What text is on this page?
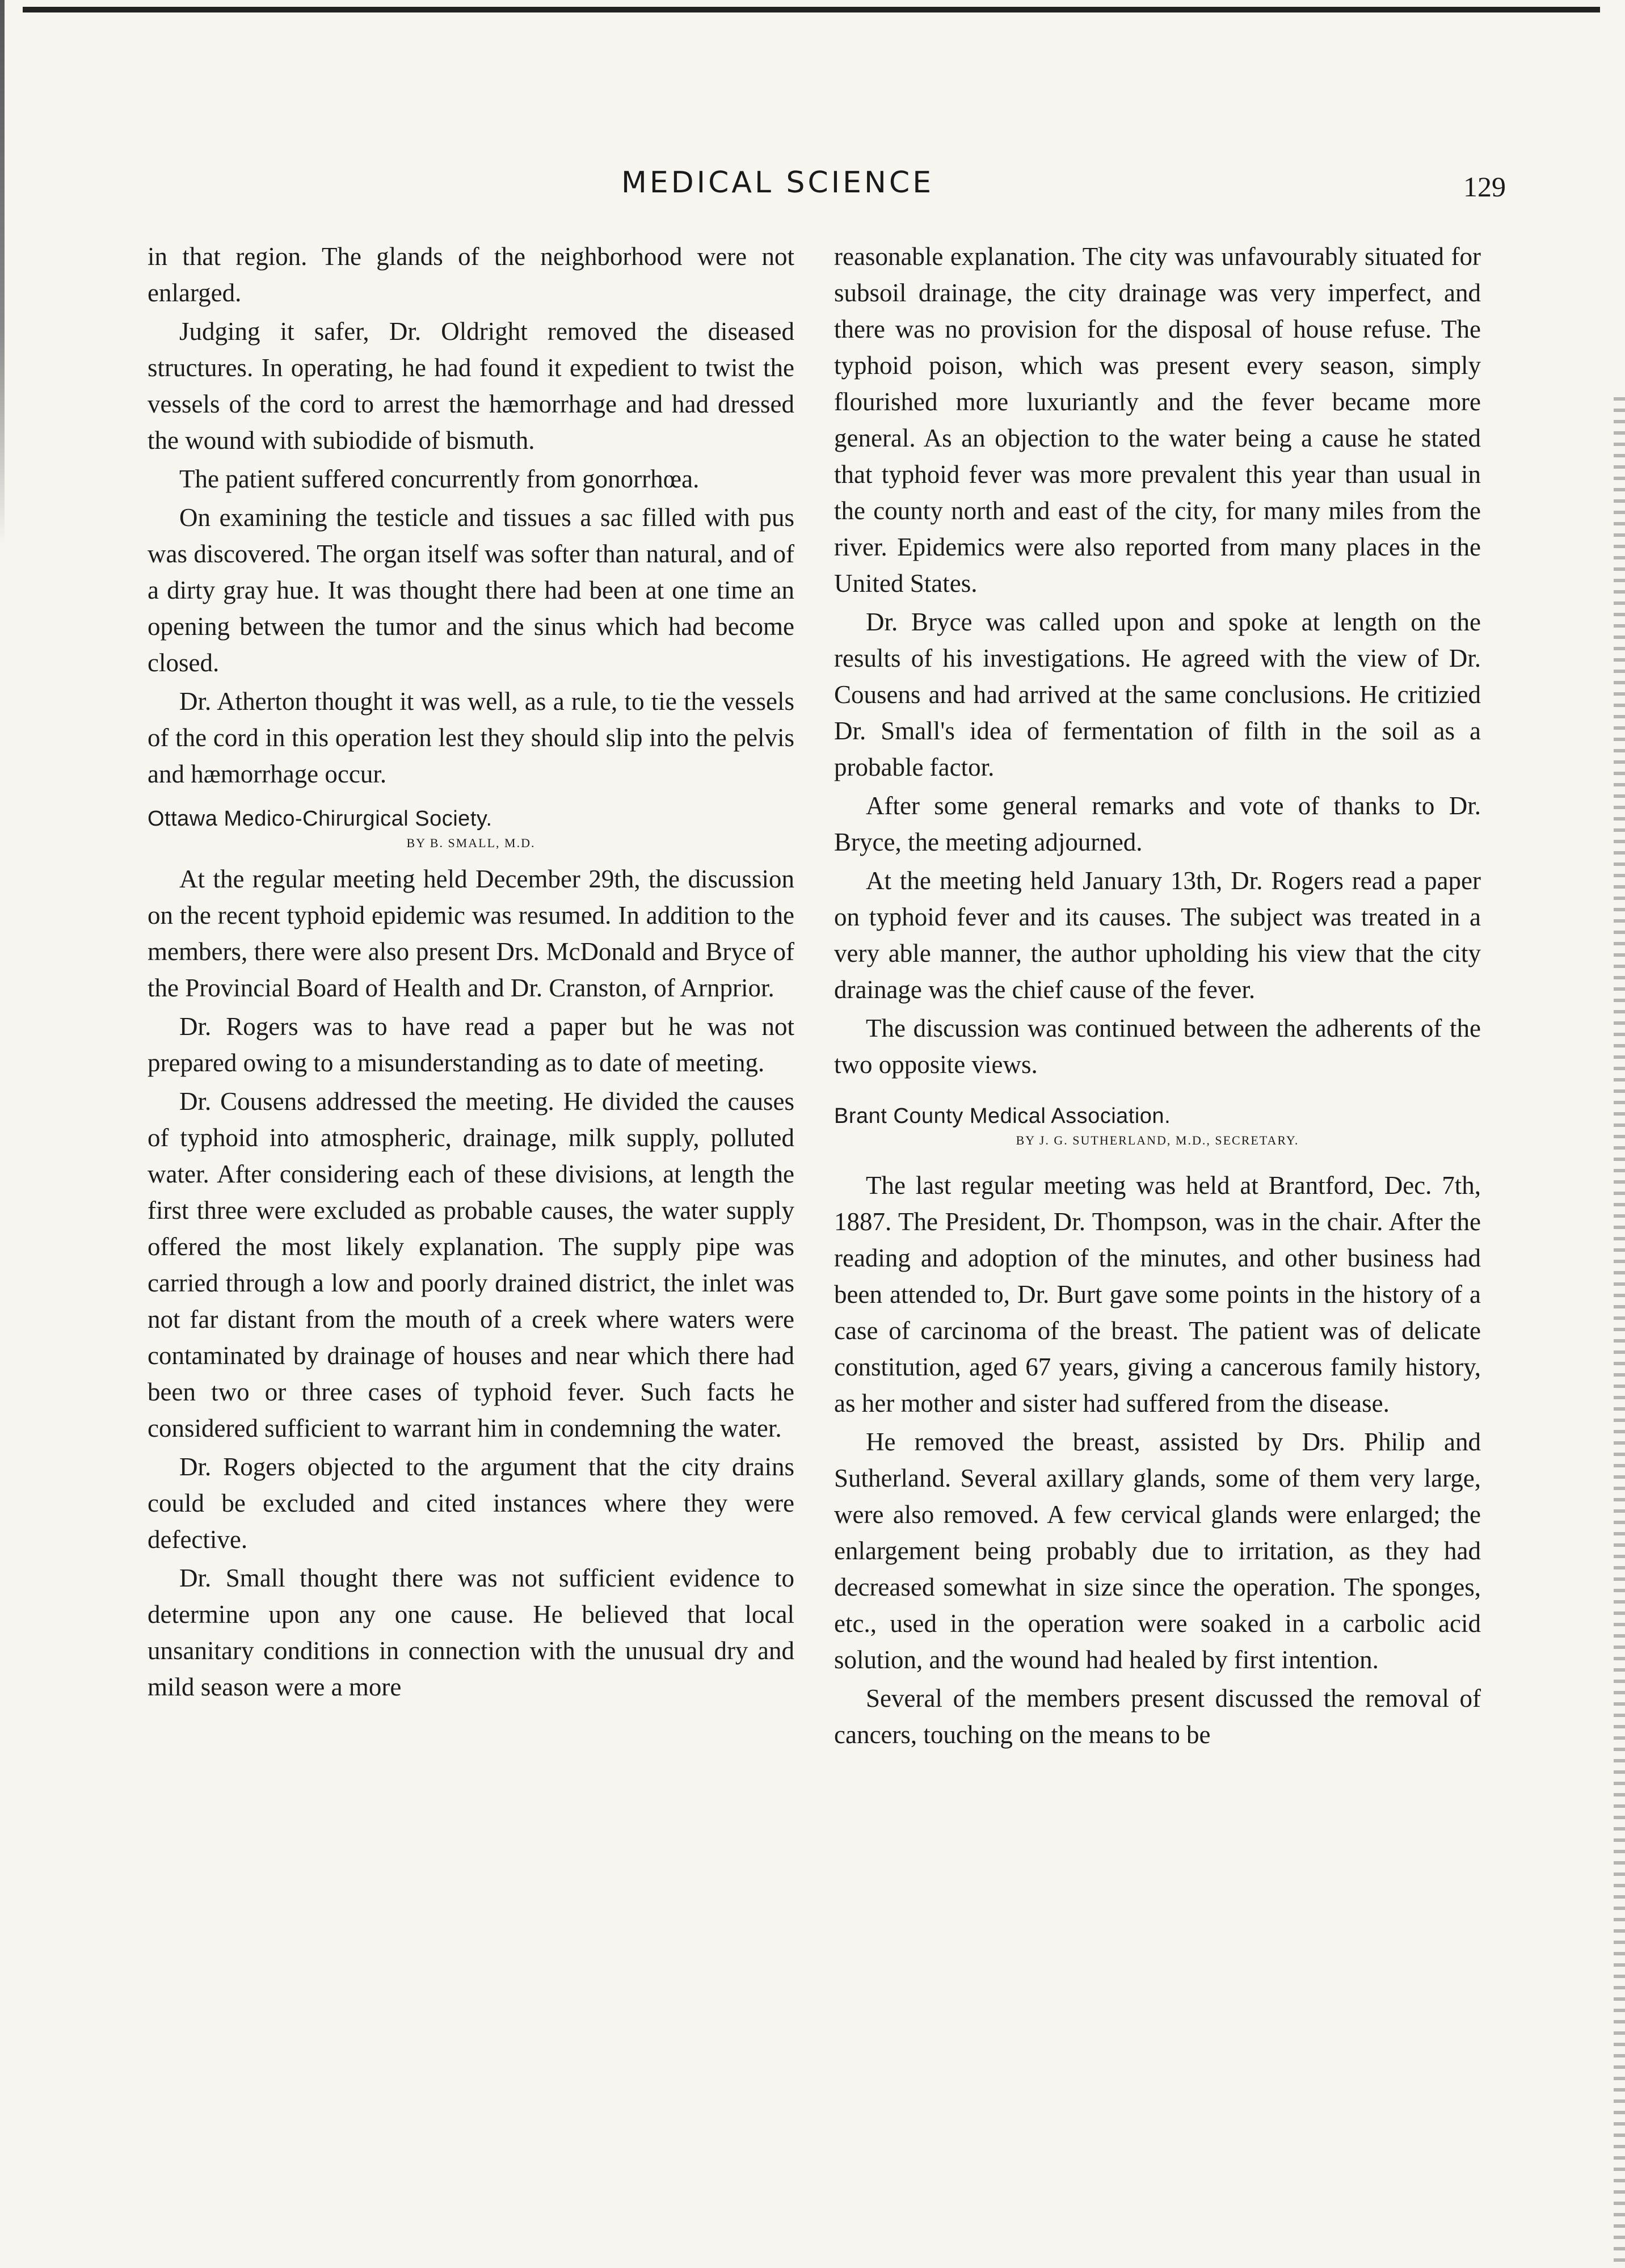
MEDICAL SCIENCE	129

in that region. The glands of the neighborhood were not enlarged.

Judging it safer, Dr. Oldright removed the diseased structures. In operating, he had found it expedient to twist the vessels of the cord to arrest the hæmorrhage and had dressed the wound with subiodide of bismuth.

The patient suffered concurrently from gonorrhœa.

On examining the testicle and tissues a sac filled with pus was discovered. The organ itself was softer than natural, and of a dirty gray hue. It was thought there had been at one time an opening between the tumor and the sinus which had become closed.

Dr. Atherton thought it was well, as a rule, to tie the vessels of the cord in this operation lest they should slip into the pelvis and hæmorrhage occur.

Ottawa Medico-Chirurgical Society.
BY B. SMALL, M.D.

At the regular meeting held December 29th, the discussion on the recent typhoid epidemic was resumed. In addition to the members, there were also present Drs. McDonald and Bryce of the Provincial Board of Health and Dr. Cranston, of Arnprior.

Dr. Rogers was to have read a paper but he was not prepared owing to a misunderstanding as to date of meeting.

Dr. Cousens addressed the meeting. He divided the causes of typhoid into atmospheric, drainage, milk supply, polluted water. After considering each of these divisions, at length the first three were excluded as probable causes, the water supply offered the most likely explanation. The supply pipe was carried through a low and poorly drained district, the inlet was not far distant from the mouth of a creek where waters were contaminated by drainage of houses and near which there had been two or three cases of typhoid fever. Such facts he considered sufficient to warrant him in condemning the water.

Dr. Rogers objected to the argument that the city drains could be excluded and cited instances where they were defective.

Dr. Small thought there was not sufficient evidence to determine upon any one cause. He believed that local unsanitary conditions in connection with the unusual dry and mild season were a more

reasonable explanation. The city was unfavourably situated for subsoil drainage, the city drainage was very imperfect, and there was no provision for the disposal of house refuse. The typhoid poison, which was present every season, simply flourished more luxuriantly and the fever became more general. As an objection to the water being a cause he stated that typhoid fever was more prevalent this year than usual in the county north and east of the city, for many miles from the river. Epidemics were also reported from many places in the United States.

Dr. Bryce was called upon and spoke at length on the results of his investigations. He agreed with the view of Dr. Cousens and had arrived at the same conclusions. He critizied Dr. Small's idea of fermentation of filth in the soil as a probable factor.

After some general remarks and vote of thanks to Dr. Bryce, the meeting adjourned.

At the meeting held January 13th, Dr. Rogers read a paper on typhoid fever and its causes. The subject was treated in a very able manner, the author upholding his view that the city drainage was the chief cause of the fever.

The discussion was continued between the adherents of the two opposite views.

Brant County Medical Association.
BY J. G. SUTHERLAND, M.D., SECRETARY.

The last regular meeting was held at Brantford, Dec. 7th, 1887. The President, Dr. Thompson, was in the chair. After the reading and adoption of the minutes, and other business had been attended to, Dr. Burt gave some points in the history of a case of carcinoma of the breast. The patient was of delicate constitution, aged 67 years, giving a cancerous family history, as her mother and sister had suffered from the disease.

He removed the breast, assisted by Drs. Philip and Sutherland. Several axillary glands, some of them very large, were also removed. A few cervical glands were enlarged; the enlargement being probably due to irritation, as they had decreased somewhat in size since the operation. The sponges, etc., used in the operation were soaked in a carbolic acid solution, and the wound had healed by first intention.

Several of the members present discussed the removal of cancers, touching on the means to be
